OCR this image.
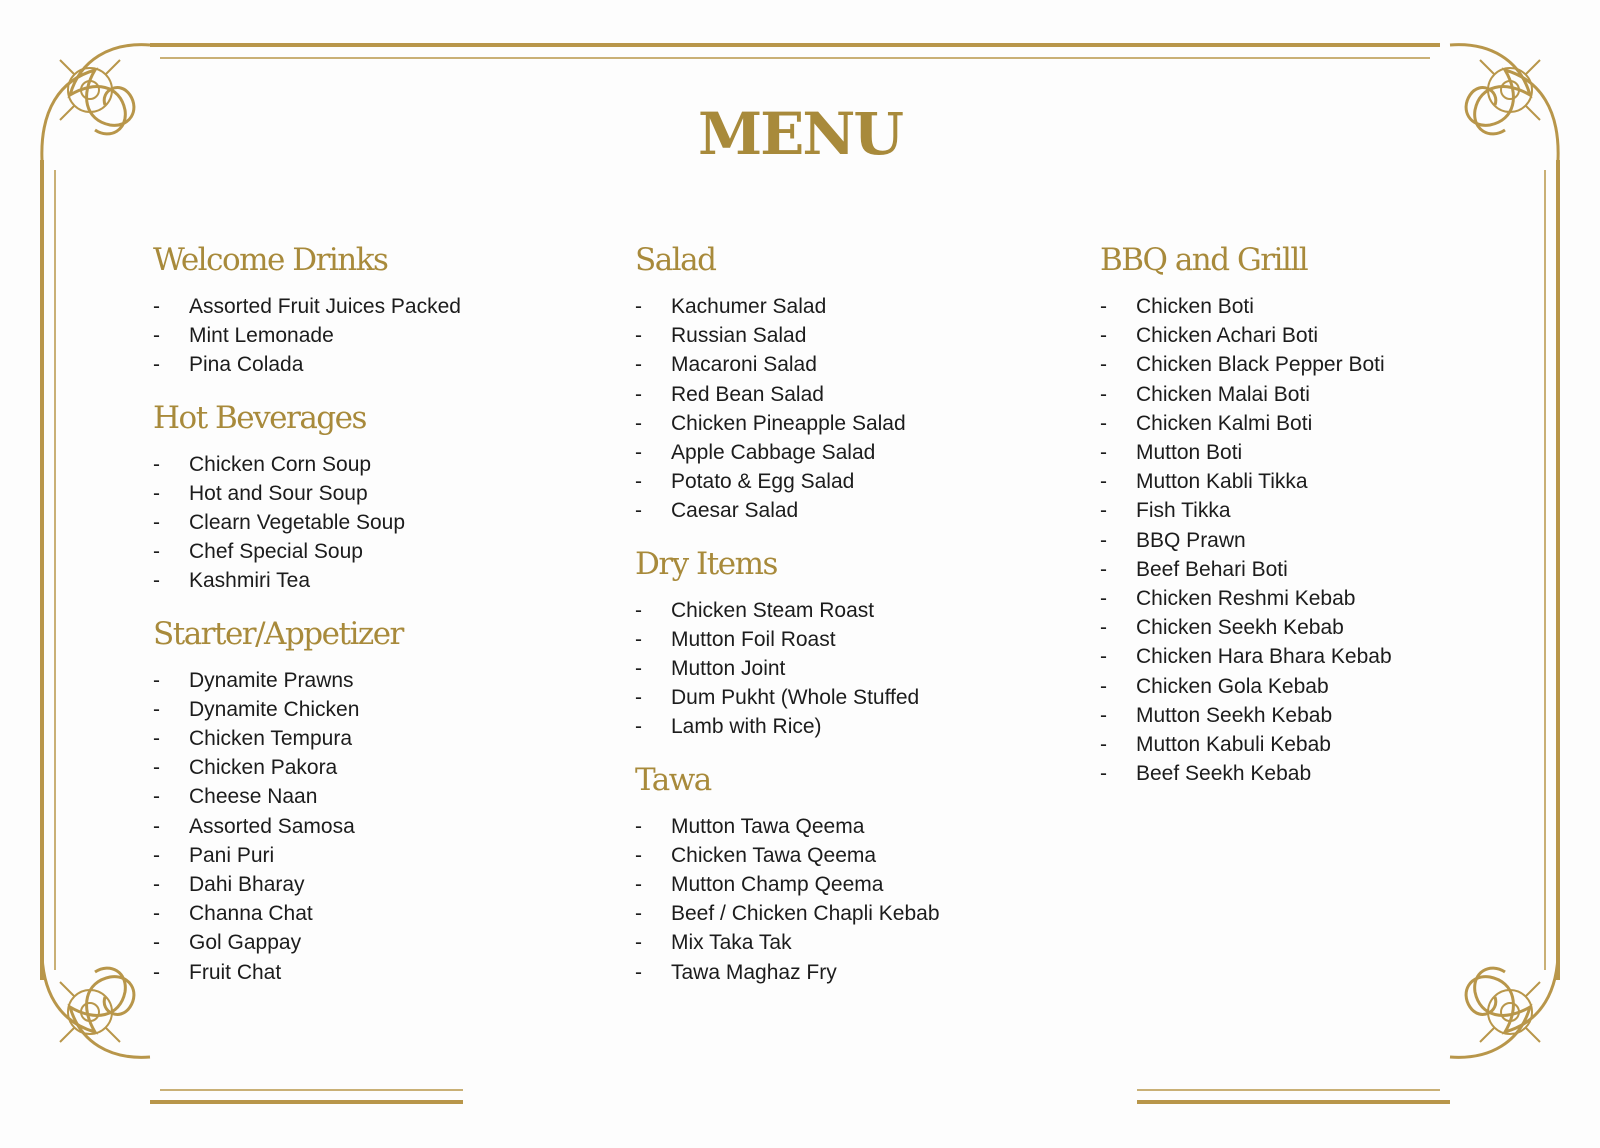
MENU
Welcome Drinks
-	Assorted Fruit Juices Packed
-	Mint Lemonade
-	Pina Colada
Hot Beverages
-	Chicken Corn Soup
-	Hot and Sour Soup
-	Clearn Vegetable Soup
-	Chef Special Soup
-	Kashmiri Tea
Starter/Appetizer
-	Dynamite Prawns
-	Dynamite Chicken
-	Chicken Tempura
-	Chicken Pakora
-	Cheese Naan
-	Assorted Samosa
-	Pani Puri
-	Dahi Bharay
-	Channa Chat
-	Gol Gappay
-	Fruit Chat
Salad
-	Kachumer Salad
-	Russian Salad
-	Macaroni Salad
-	Red Bean Salad
-	Chicken Pineapple Salad
-	Apple Cabbage Salad
-	Potato & Egg Salad
-	Caesar Salad
Dry Items
-	Chicken Steam Roast
-	Mutton Foil Roast
-	Mutton Joint
-	Dum Pukht (Whole Stuffed
-	Lamb with Rice)
Tawa
-	Mutton Tawa Qeema
-	Chicken Tawa Qeema
-	Mutton Champ Qeema
-	Beef / Chicken Chapli Kebab
-	Mix Taka Tak
-	Tawa Maghaz Fry
BBQ and Grilll
-	Chicken Boti
-	Chicken Achari Boti
-	Chicken Black Pepper Boti
-	Chicken Malai Boti
-	Chicken Kalmi Boti
-	Mutton Boti
-	Mutton Kabli Tikka
-	Fish Tikka
-	BBQ Prawn
-	Beef Behari Boti
-	Chicken Reshmi Kebab
-	Chicken Seekh Kebab
-	Chicken Hara Bhara Kebab
-	Chicken Gola Kebab
-	Mutton Seekh Kebab
-	Mutton Kabuli Kebab
-	Beef Seekh Kebab
